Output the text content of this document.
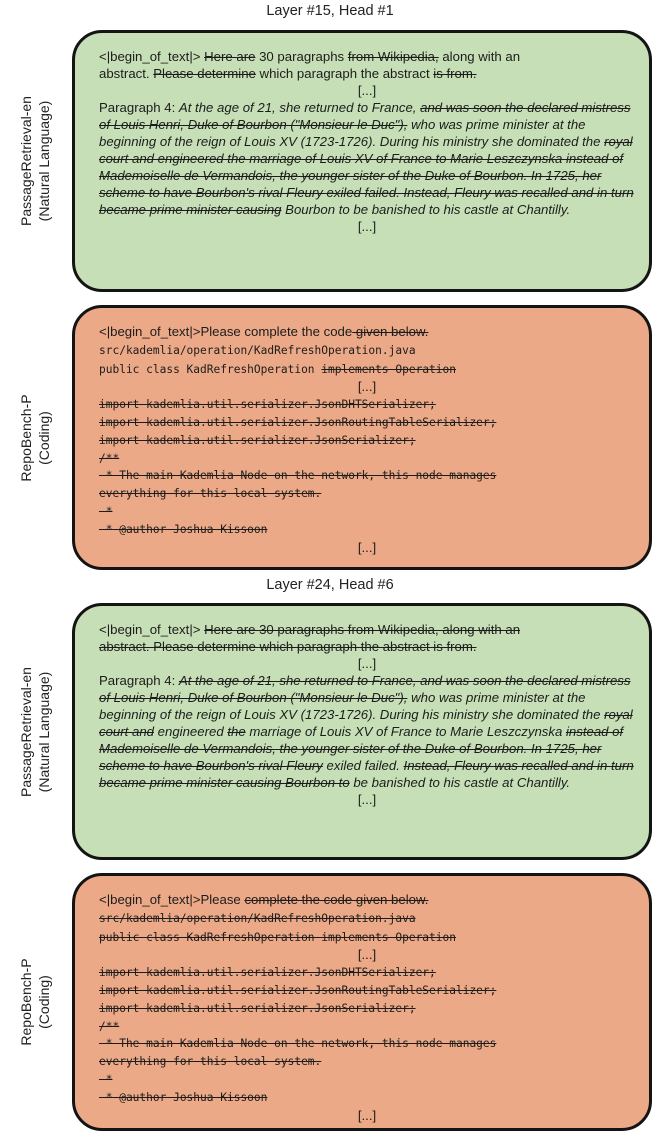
Layer #15, Head #1
PassageRetrieval-en (Natural Language)

<|begin_of_text|> Here are 30 paragraphs from Wikipedia, along with an

abstract. Please determine which paragraph the abstract is from.

[...]

Paragraph 4: At the age of 21, she returned to France, and was soon the declared mistress of Louis Henri, Duke of Bourbon ("Monsieur le Duc"), who was prime minister at the beginning of the reign of Louis XV (1723-1726). During his ministry she dominated the royal court and engineered the marriage of Louis XV of France to Marie Leszczynska instead of Mademoiselle de Vermandois, the younger sister of the Duke of Bourbon. In 1725, her scheme to have Bourbon's rival Fleury exiled failed. Instead, Fleury was recalled and in turn became prime minister causing Bourbon to be banished to his castle at Chantilly.

[...]

RepoBench-P (Coding)

<|begin_of_text|>Please complete the code given below.

src/kademlia/operation/KadRefreshOperation.java

public class KadRefreshOperation implements Operation

[...]

import kademlia.util.serializer.JsonDHTSerializer;

import kademlia.util.serializer.JsonRoutingTableSerializer;

import kademlia.util.serializer.JsonSerializer;

/**

* The main Kademlia Node on the network, this node manages

everything for this local system.

*

* @author Joshua Kissoon

[...]

Layer #24, Head #6
PassageRetrieval-en (Natural Language)

<|begin_of_text|> Here are 30 paragraphs from Wikipedia, along with an

abstract. Please determine which paragraph the abstract is from.

[...]

Paragraph 4: At the age of 21, she returned to France, and was soon the declared mistress of Louis Henri, Duke of Bourbon ("Monsieur le Duc"), who was prime minister at the beginning of the reign of Louis XV (1723-1726). During his ministry she dominated the royal court and engineered the marriage of Louis XV of France to Marie Leszczynska instead of Mademoiselle de Vermandois, the younger sister of the Duke of Bourbon. In 1725, her scheme to have Bourbon's rival Fleury exiled failed. Instead, Fleury was recalled and in turn became prime minister causing Bourbon to be banished to his castle at Chantilly.

[...]

RepoBench-P (Coding)

<|begin_of_text|>Please complete the code given below.

src/kademlia/operation/KadRefreshOperation.java

public class KadRefreshOperation implements Operation

[...]

import kademlia.util.serializer.JsonDHTSerializer;

import kademlia.util.serializer.JsonRoutingTableSerializer;

import kademlia.util.serializer.JsonSerializer;

/**

* The main Kademlia Node on the network, this node manages

everything for this local system.

*

* @author Joshua Kissoon

[...]
